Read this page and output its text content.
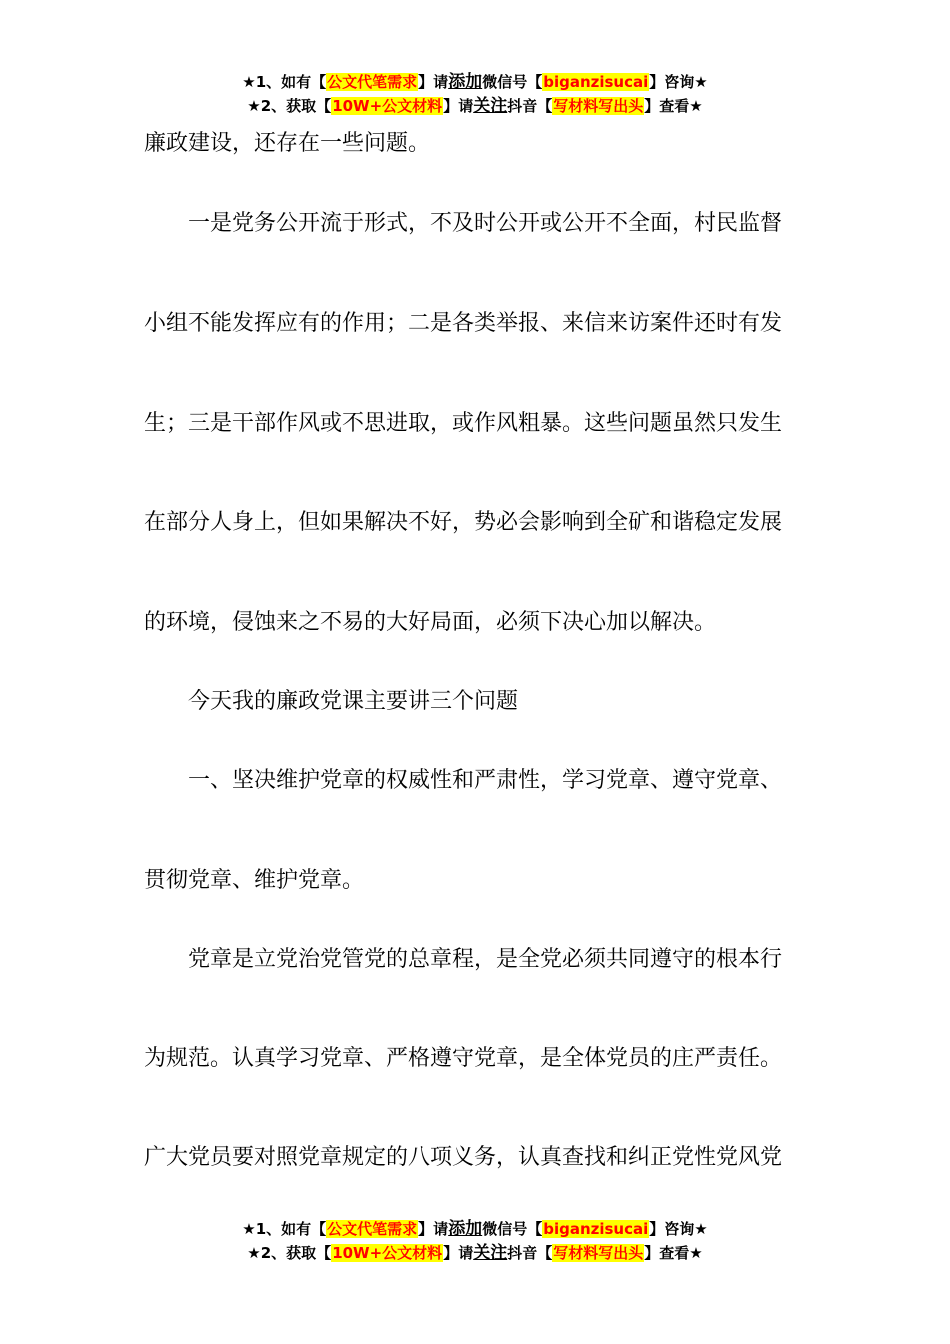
★1、如有【公文代笔需求】请添加微信号【biganzisucai】咨询★
★2、获取【10W+公文材料】请关注抖音【写材料写出头】查看★
廉政建设，还存在一些问题。
一是党务公开流于形式，不及时公开或公开不全面，村民监督
小组不能发挥应有的作用；二是各类举报、来信来访案件还时有发
生；三是干部作风或不思进取，或作风粗暴。这些问题虽然只发生
在部分人身上，但如果解决不好，势必会影响到全矿和谐稳定发展
的环境，侵蚀来之不易的大好局面，必须下决心加以解决。
今天我的廉政党课主要讲三个问题
一、坚决维护党章的权威性和严肃性，学习党章、遵守党章、
贯彻党章、维护党章。
党章是立党治党管党的总章程，是全党必须共同遵守的根本行
为规范。认真学习党章、严格遵守党章，是全体党员的庄严责任。
广大党员要对照党章规定的八项义务，认真查找和纠正党性党风党
★1、如有【公文代笔需求】请添加微信号【biganzisucai】咨询★
★2、获取【10W+公文材料】请关注抖音【写材料写出头】查看★
